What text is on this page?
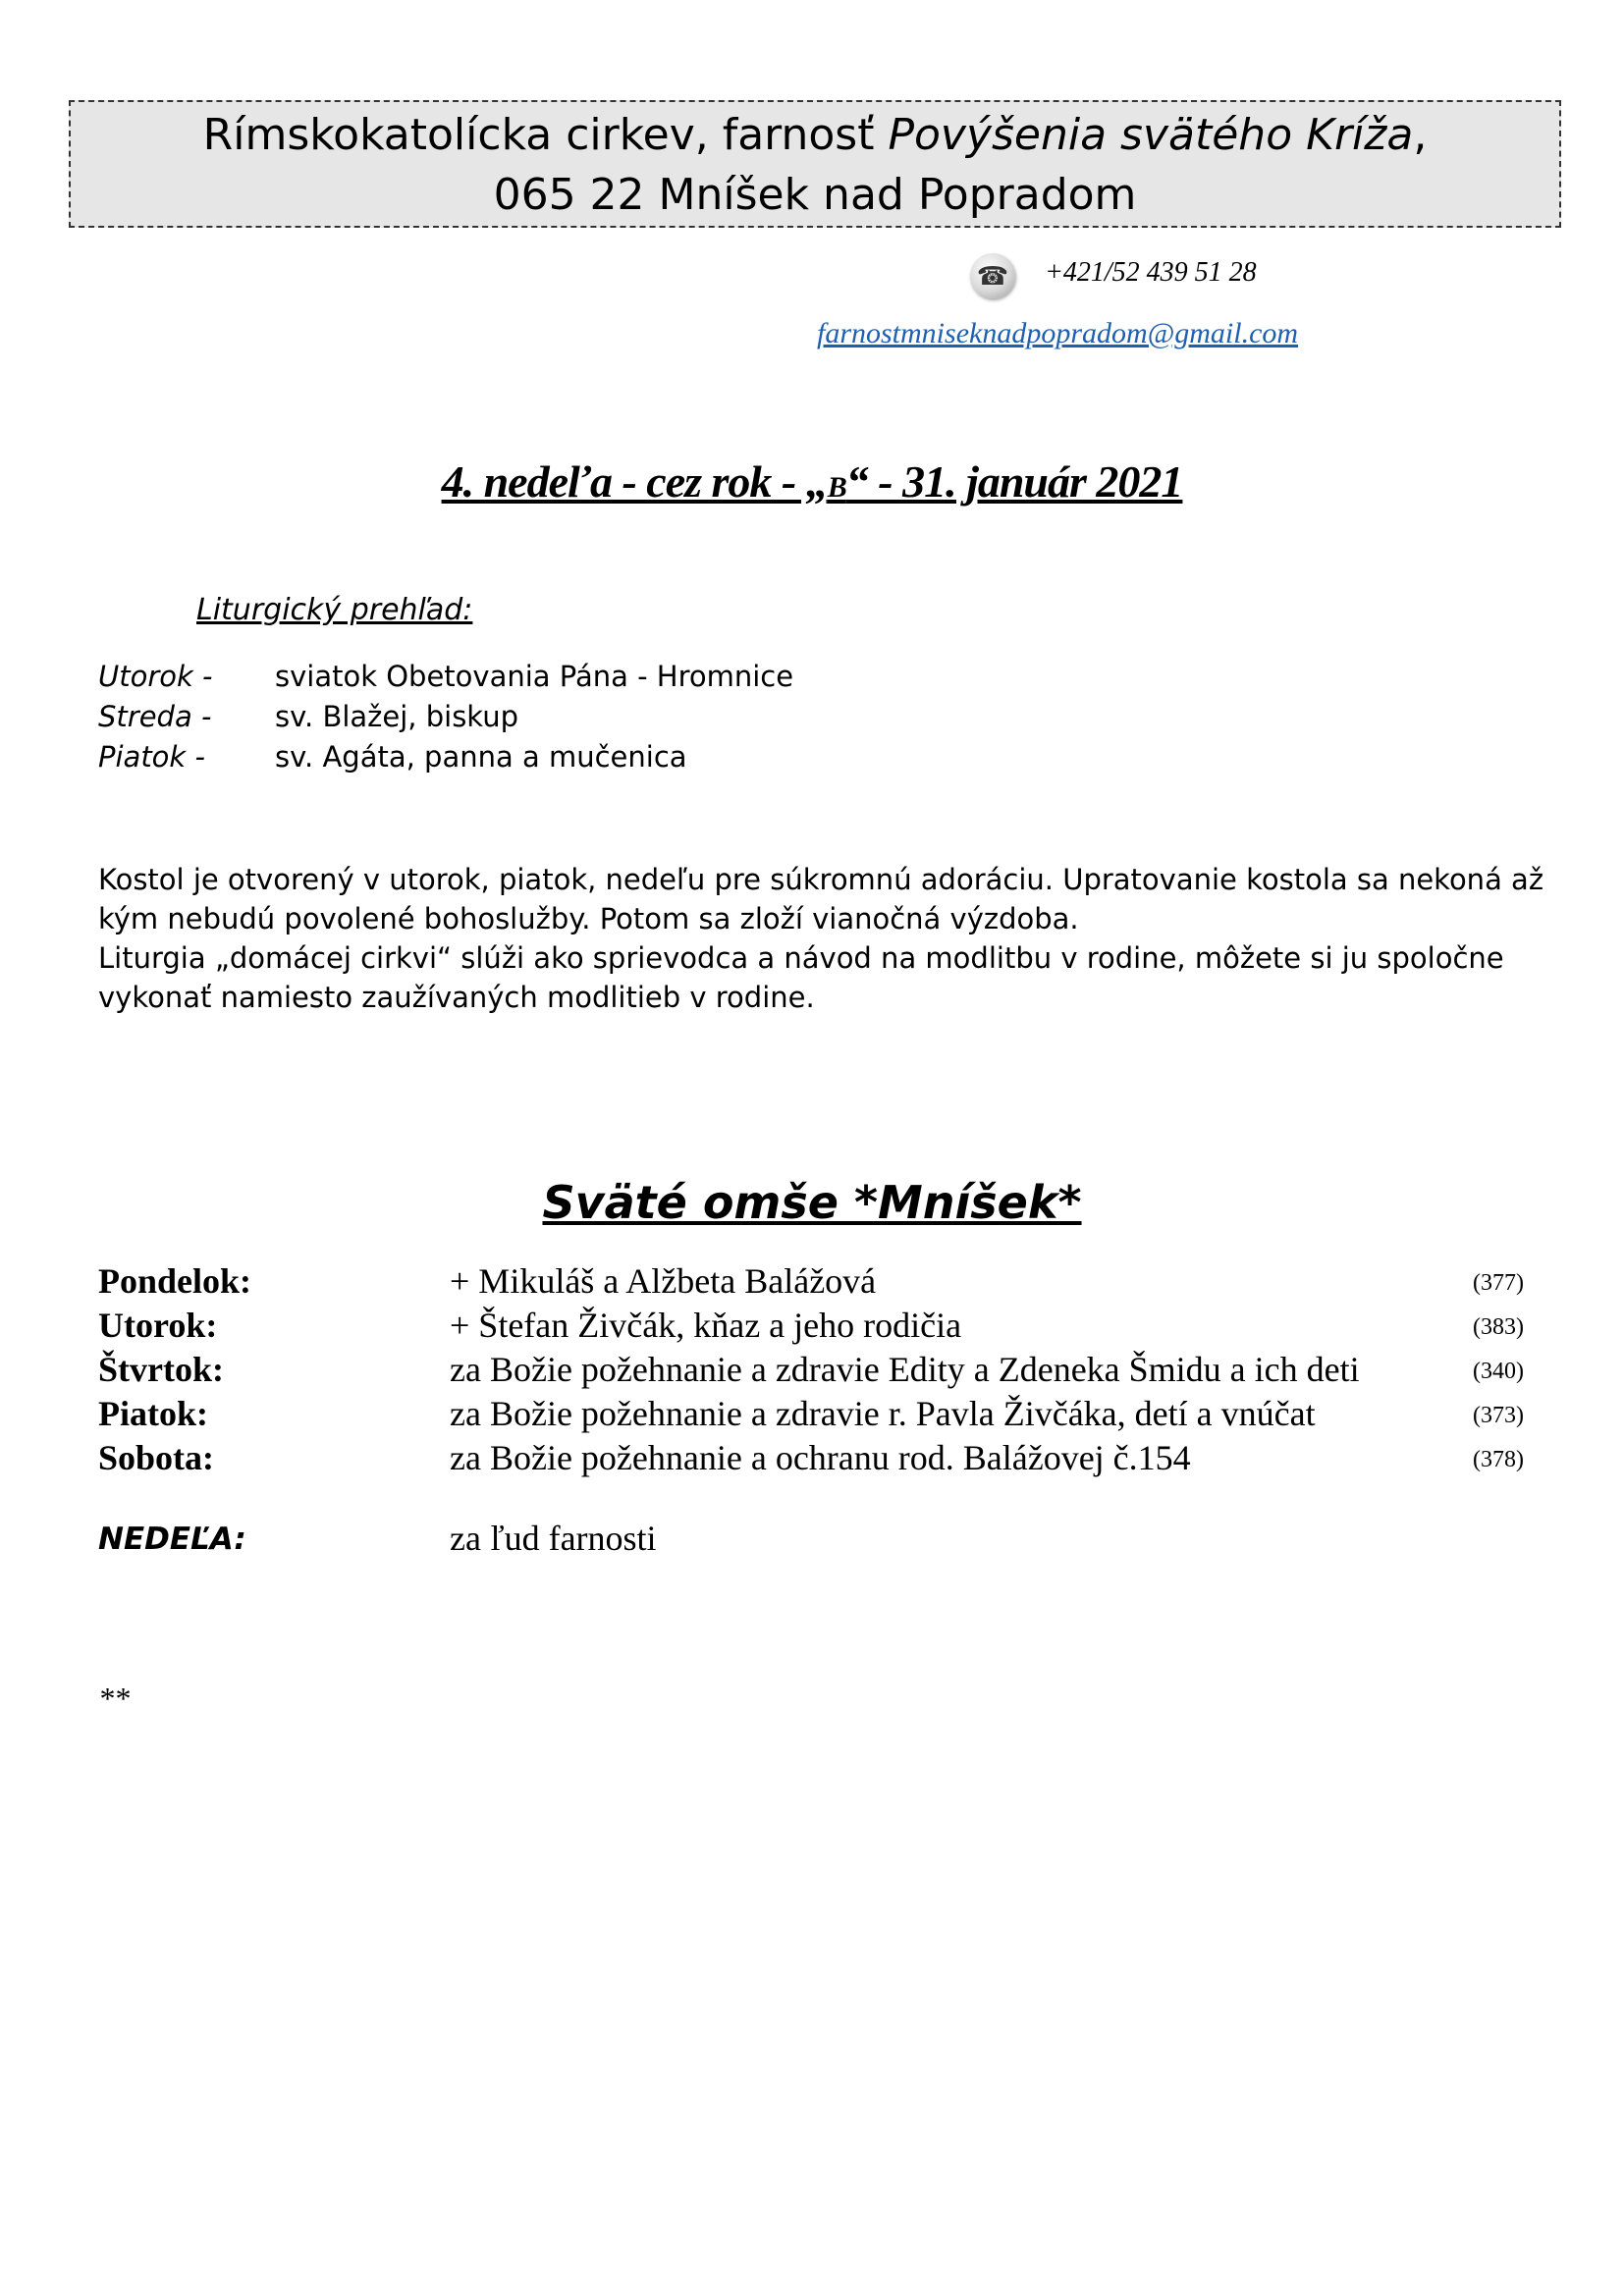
Rímskokatolícka cirkev, farnosť Povýšenia svätého Kríža,
065 22 Mníšek nad Popradom
☎ +421/52 439 51 28
farnostmniseknadpopradom@gmail.com
4. nedeľa - cez rok - „B“ - 31. január 2021
Liturgický prehľad:
Utorok - sviatok Obetovania Pána - Hromnice
Streda - sv. Blažej, biskup
Piatok - sv. Agáta, panna a mučenica

Kostol je otvorený v utorok, piatok, nedeľu pre súkromnú adoráciu. Upratovanie kostola sa nekoná až kým nebudú povolené bohoslužby. Potom sa zloží vianočná výzdoba.

Liturgia „domácej cirkvi“ slúži ako sprievodca a návod na modlitbu v rodine, môžete si ju spoločne vykonať namiesto zaužívaných modlitieb v rodine.

Sväté omše *Mníšek*
Pondelok:	+ Mikuláš a Alžbeta Balážová	(377)
Utorok:	+ Štefan Živčák, kňaz a jeho rodičia	(383)
Štvrtok:	za Božie požehnanie a zdravie Edity a Zdeneka Šmidu a ich deti	(340)
Piatok:	za Božie požehnanie a zdravie r. Pavla Živčáka, detí a vnúčat	(373)
Sobota:	za Božie požehnanie a ochranu rod. Balážovej č.154	(378)
NEDEĽA:	za ľud farnosti
**
